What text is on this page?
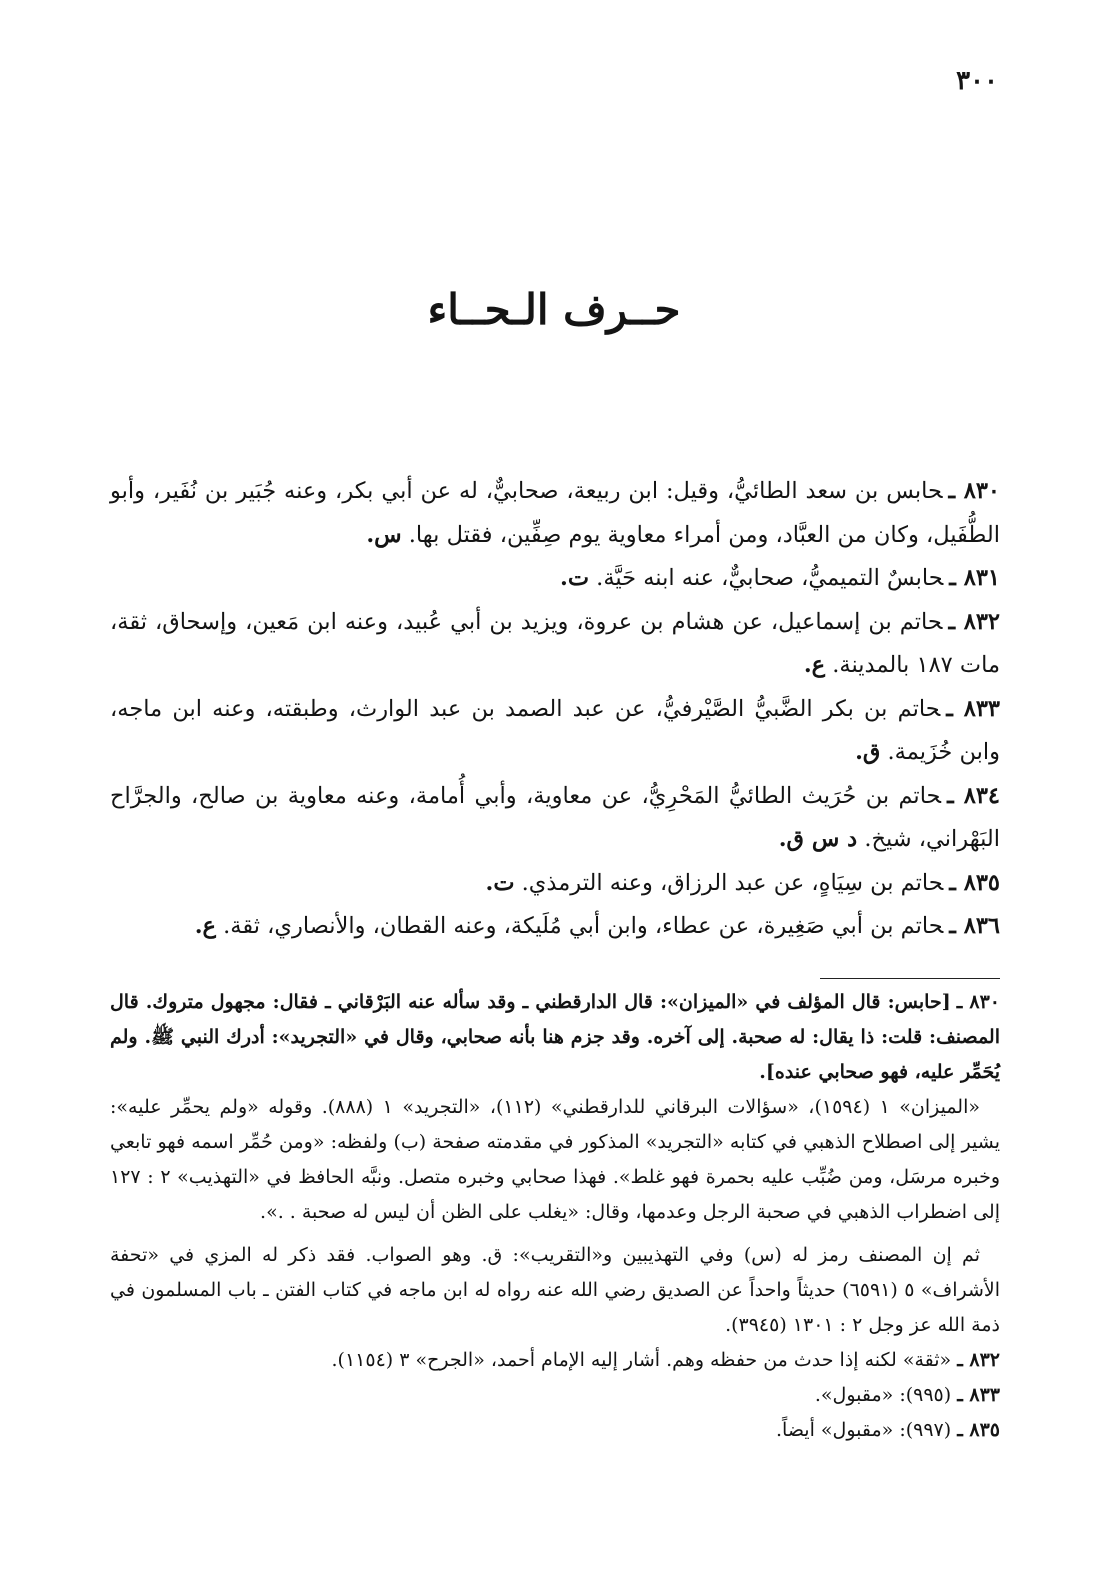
٣٠٠
حــرف الـحــاء

٨٣٠ ـحابس بن سعد الطائيُّ، وقيل: ابن ربيعة، صحابيٌّ، له عن أبي بكر، وعنه جُبَير بن نُفَير، وأبو الطُّفَيل، وكان من العبَّاد، ومن أمراء معاوية يوم صِفِّين، فقتل بها. س.

٨٣١ ـحابسٌ التميميُّ، صحابيٌّ، عنه ابنه حَيَّة. ت.

٨٣٢ ـحاتم بن إسماعيل، عن هشام بن عروة، ويزيد بن أبي عُبيد، وعنه ابن مَعين، وإسحاق، ثقة، مات ١٨٧ بالمدينة. ع.

٨٣٣ ـحاتم بن بكر الضَّبيُّ الصَّيْرفيُّ، عن عبد الصمد بن عبد الوارث، وطبقته، وعنه ابن ماجه، وابن خُزَيمة. ق.

٨٣٤ ـحاتم بن حُرَيث الطائيُّ المَحْرِيُّ، عن معاوية، وأبي أُمامة، وعنه معاوية بن صالح، والجرَّاح البَهْراني، شيخ. د س ق.

٨٣٥ ـحاتم بن سِيَاهٍ، عن عبد الرزاق، وعنه الترمذي. ت.

٨٣٦ ـحاتم بن أبي صَغِيرة، عن عطاء، وابن أبي مُلَيكة، وعنه القطان، والأنصاري، ثقة. ع.

٨٣٠ ـ[حابس: قال المؤلف في «الميزان»: قال الدارقطني ـ وقد سأله عنه البَرْقاني ـ فقال: مجهول متروك. قال المصنف: قلت: ذا يقال: له صحبة. إلى آخره. وقد جزم هنا بأنه صحابي، وقال في «التجريد»: أدرك النبي ﷺ. ولم يُحَمِّر عليه، فهو صحابي عنده].

«الميزان» ١ (١٥٩٤)، «سؤالات البرقاني للدارقطني» (١١٢)، «التجريد» ١ (٨٨٨). وقوله «ولم يحمِّر عليه»: يشير إلى اصطلاح الذهبي في كتابه «التجريد» المذكور في مقدمته صفحة (ب) ولفظه: «ومن حُمِّر اسمه فهو تابعي وخبره مرسَل، ومن ضُبِّب عليه بحمرة فهو غلط». فهذا صحابي وخبره متصل. ونبَّه الحافظ في «التهذيب» ٢ : ١٢٧ إلى اضطراب الذهبي في صحبة الرجل وعدمها، وقال: «يغلب على الظن أن ليس له صحبة . .».

ثم إن المصنف رمز له (س) وفي التهذيبين و«التقريب»: ق. وهو الصواب. فقد ذكر له المزي في «تحفة الأشراف» ٥ (٦٥٩١) حديثاً واحداً عن الصديق رضي الله عنه رواه له ابن ماجه في كتاب الفتن ـ باب المسلمون في ذمة الله عز وجل ٢ : ١٣٠١ (٣٩٤٥).

٨٣٢ ـ«ثقة» لكنه إذا حدث من حفظه وهم. أشار إليه الإمام أحمد، «الجرح» ٣ (١١٥٤).

٨٣٣ ـ(٩٩٥): «مقبول».

٨٣٥ ـ(٩٩٧): «مقبول» أيضاً.
